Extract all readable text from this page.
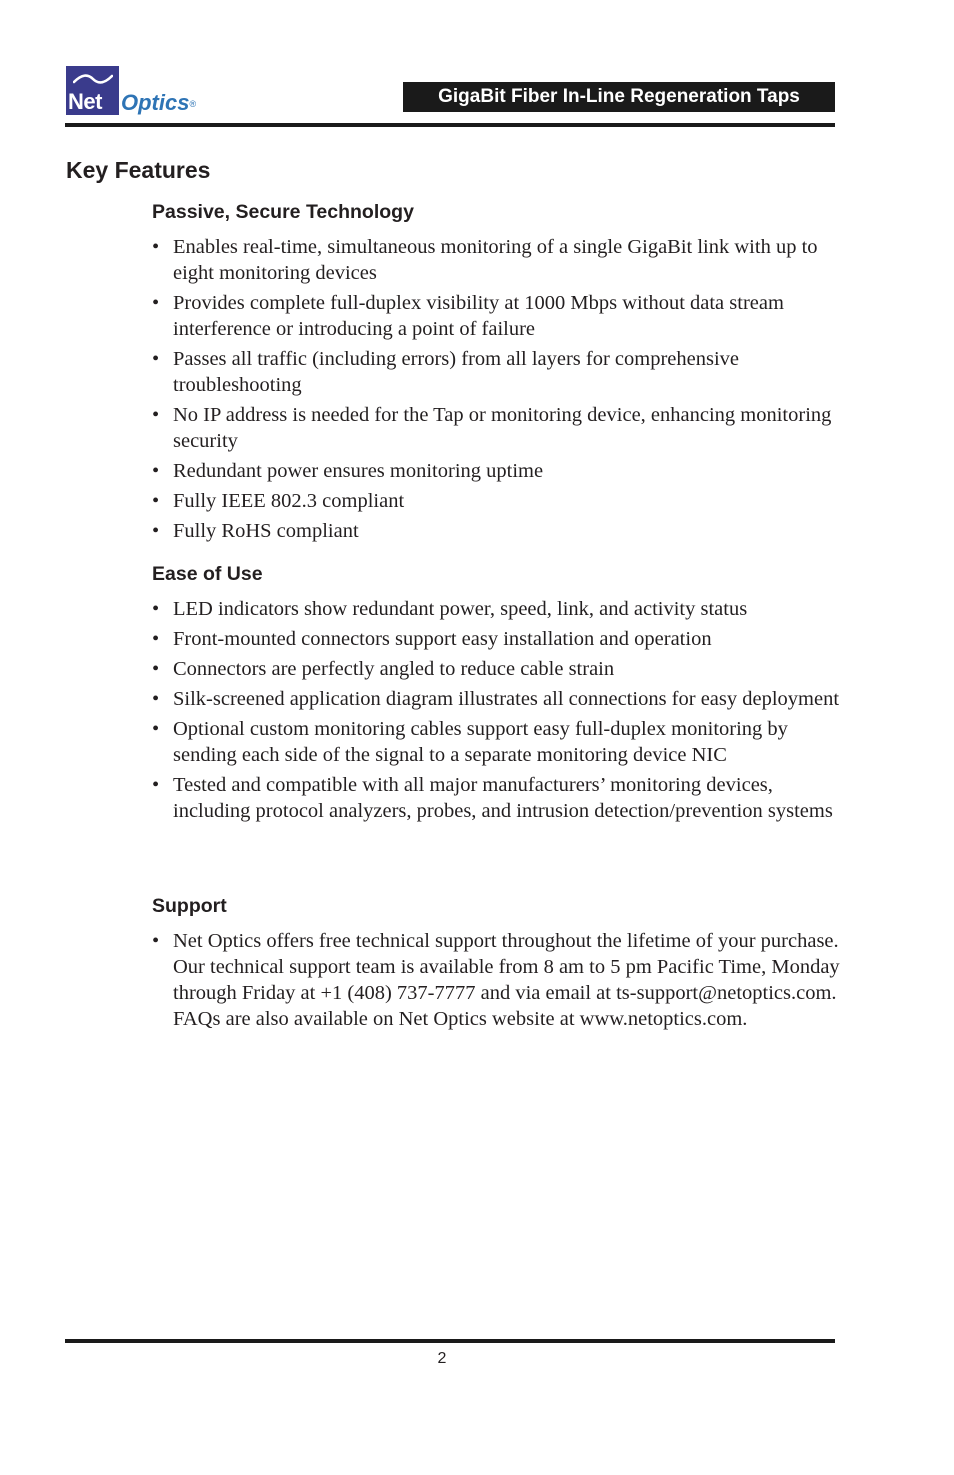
Net Optics ®	GigaBit Fiber In-Line Regeneration Taps
Key Features
Passive, Secure Technology
• Enables real-time, simultaneous monitoring of a single GigaBit link with up to eight monitoring devices
• Provides complete full-duplex visibility at 1000 Mbps without data stream interference or introducing a point of failure
• Passes all traffic (including errors) from all layers for comprehensive troubleshooting
• No IP address is needed for the Tap or monitoring device, enhancing monitoring security
• Redundant power ensures monitoring uptime
• Fully IEEE 802.3 compliant
• Fully RoHS compliant
Ease of Use
• LED indicators show redundant power, speed, link, and activity status
• Front-mounted connectors support easy installation and operation
• Connectors are perfectly angled to reduce cable strain
• Silk-screened application diagram illustrates all connections for easy deployment
• Optional custom monitoring cables support easy full-duplex monitoring by sending each side of the signal to a separate monitoring device NIC
• Tested and compatible with all major manufacturers’ monitoring devices, including protocol analyzers, probes, and intrusion detection/prevention systems
Support
• Net Optics offers free technical support throughout the lifetime of your purchase. Our technical support team is available from 8 am to 5 pm Pacific Time, Monday through Friday at +1 (408) 737-7777 and via email at ts-support@netoptics.com. FAQs are also available on Net Optics website at www.netoptics.com.
2
